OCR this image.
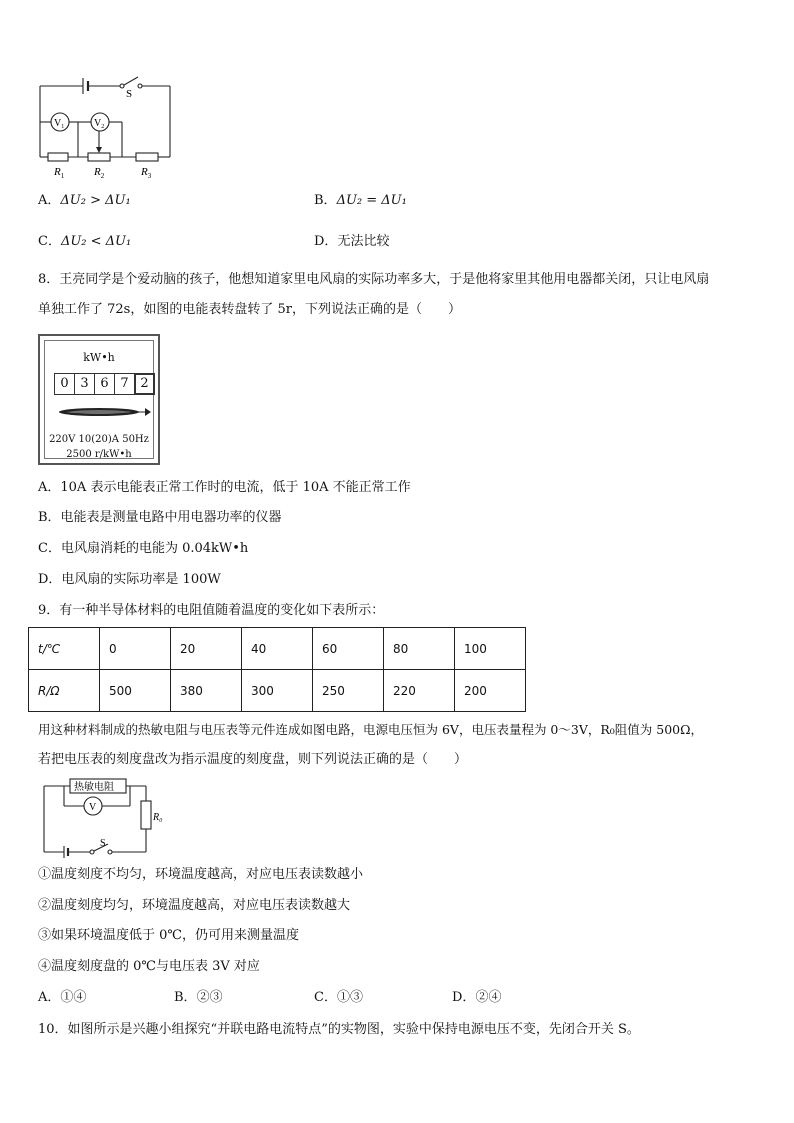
S
$V_1$	$V_2$
$R_1$	$R_2$	$R_3$
A．ΔU₂ > ΔU₁	B．ΔU₂ = ΔU₁
C．ΔU₂ < ΔU₁	D．无法比较
8．王亮同学是个爱动脑的孩子，他想知道家里电风扇的实际功率多大，于是他将家里其他用电器都关闭，只让电风扇
单独工作了 72s，如图的电能表转盘转了 5r，下列说法正确的是（　　）
kW•h
0 3 6 7 2
220V 10(20)A 50Hz
2500 r/kW•h
A．10A 表示电能表正常工作时的电流，低于 10A 不能正常工作
B．电能表是测量电路中用电器功率的仪器
C．电风扇消耗的电能为 0.04kW•h
D．电风扇的实际功率是 100W
9．有一种半导体材料的电阻值随着温度的变化如下表所示：
t/℃	0	20	40	60	80	100
R/Ω	500	380	300	250	220	200
用这种材料制成的热敏电阻与电压表等元件连成如图电路，电源电压恒为 6V，电压表量程为 0～3V，R₀阻值为 500Ω，
若把电压表的刻度盘改为指示温度的刻度盘，则下列说法正确的是（　　）
热敏电阻
V
R₀
S
①温度刻度不均匀，环境温度越高，对应电压表读数越小
②温度刻度均匀，环境温度越高，对应电压表读数越大
③如果环境温度低于 0℃，仍可用来测量温度
④温度刻度盘的 0℃与电压表 3V 对应
A．①④	B．②③	C．①③	D．②④
10．如图所示是兴趣小组探究“并联电路电流特点”的实物图，实验中保持电源电压不变，先闭合开关 S。
